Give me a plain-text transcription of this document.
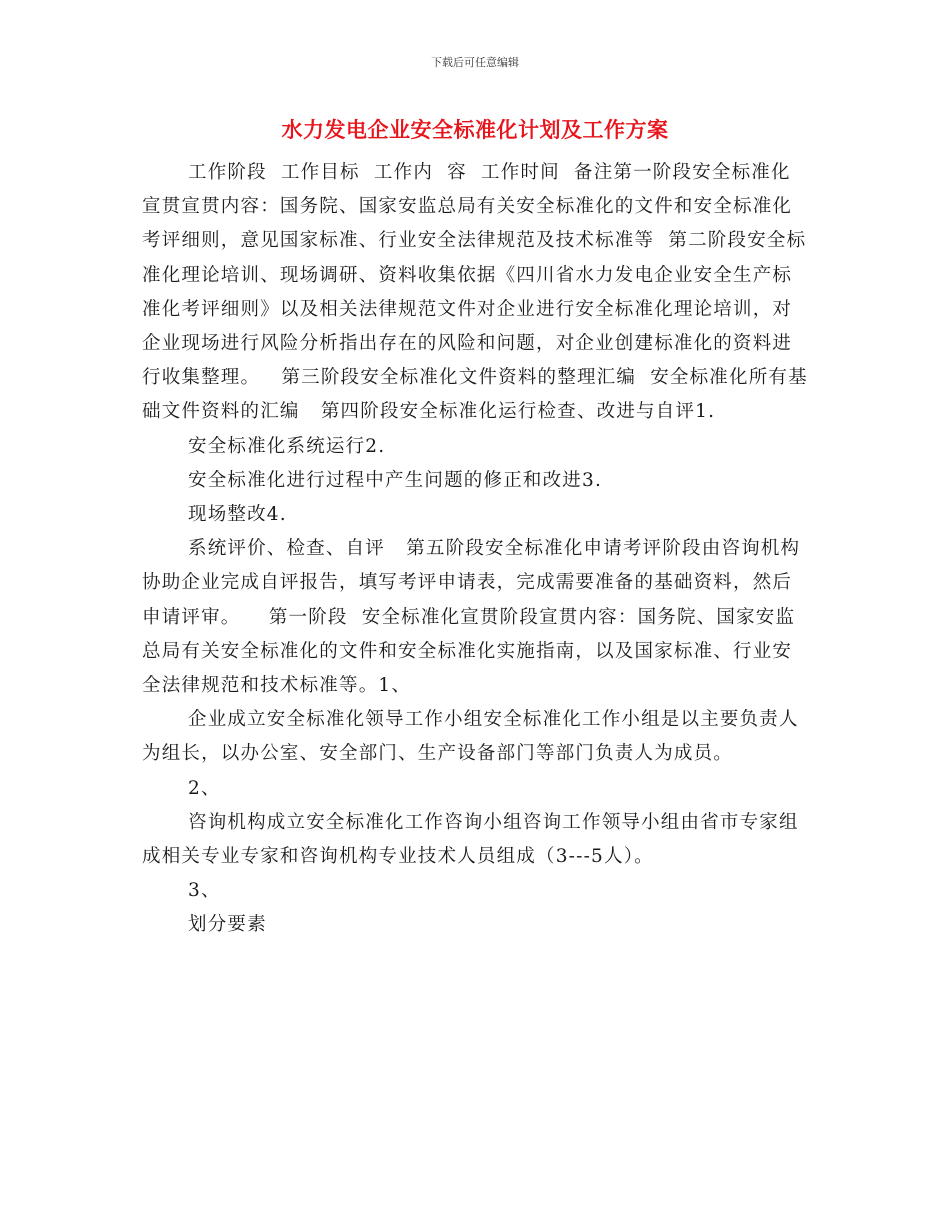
下载后可任意编辑
水力发电企业安全标准化计划及工作方案

工作阶段  工作目标  工作内  容  工作时间  备注第一阶段安全标准化宣贯宣贯内容：国务院、国家安监总局有关安全标准化的文件和安全标准化考评细则，意见国家标准、行业安全法律规范及技术标准等  第二阶段安全标准化理论培训、现场调研、资料收集依据《四川省水力发电企业安全生产标准化考评细则》以及相关法律规范文件对企业进行安全标准化理论培训，对企业现场进行风险分析指出存在的风险和问题，对企业创建标准化的资料进行收集整理。   第三阶段安全标准化文件资料的整理汇编  安全标准化所有基础文件资料的汇编   第四阶段安全标准化运行检查、改进与自评1.

安全标准化系统运行2.

安全标准化进行过程中产生问题的修正和改进3.

现场整改4.

系统评价、检查、自评   第五阶段安全标准化申请考评阶段由咨询机构协助企业完成自评报告，填写考评申请表，完成需要准备的基础资料，然后申请评审。    第一阶段  安全标准化宣贯阶段宣贯内容：国务院、国家安监总局有关安全标准化的文件和安全标准化实施指南，以及国家标准、行业安全法律规范和技术标准等。1、

企业成立安全标准化领导工作小组安全标准化工作小组是以主要负责人为组长，以办公室、安全部门、生产设备部门等部门负责人为成员。

2、

咨询机构成立安全标准化工作咨询小组咨询工作领导小组由省市专家组成相关专业专家和咨询机构专业技术人员组成（3---5人）。

3、

划分要素
